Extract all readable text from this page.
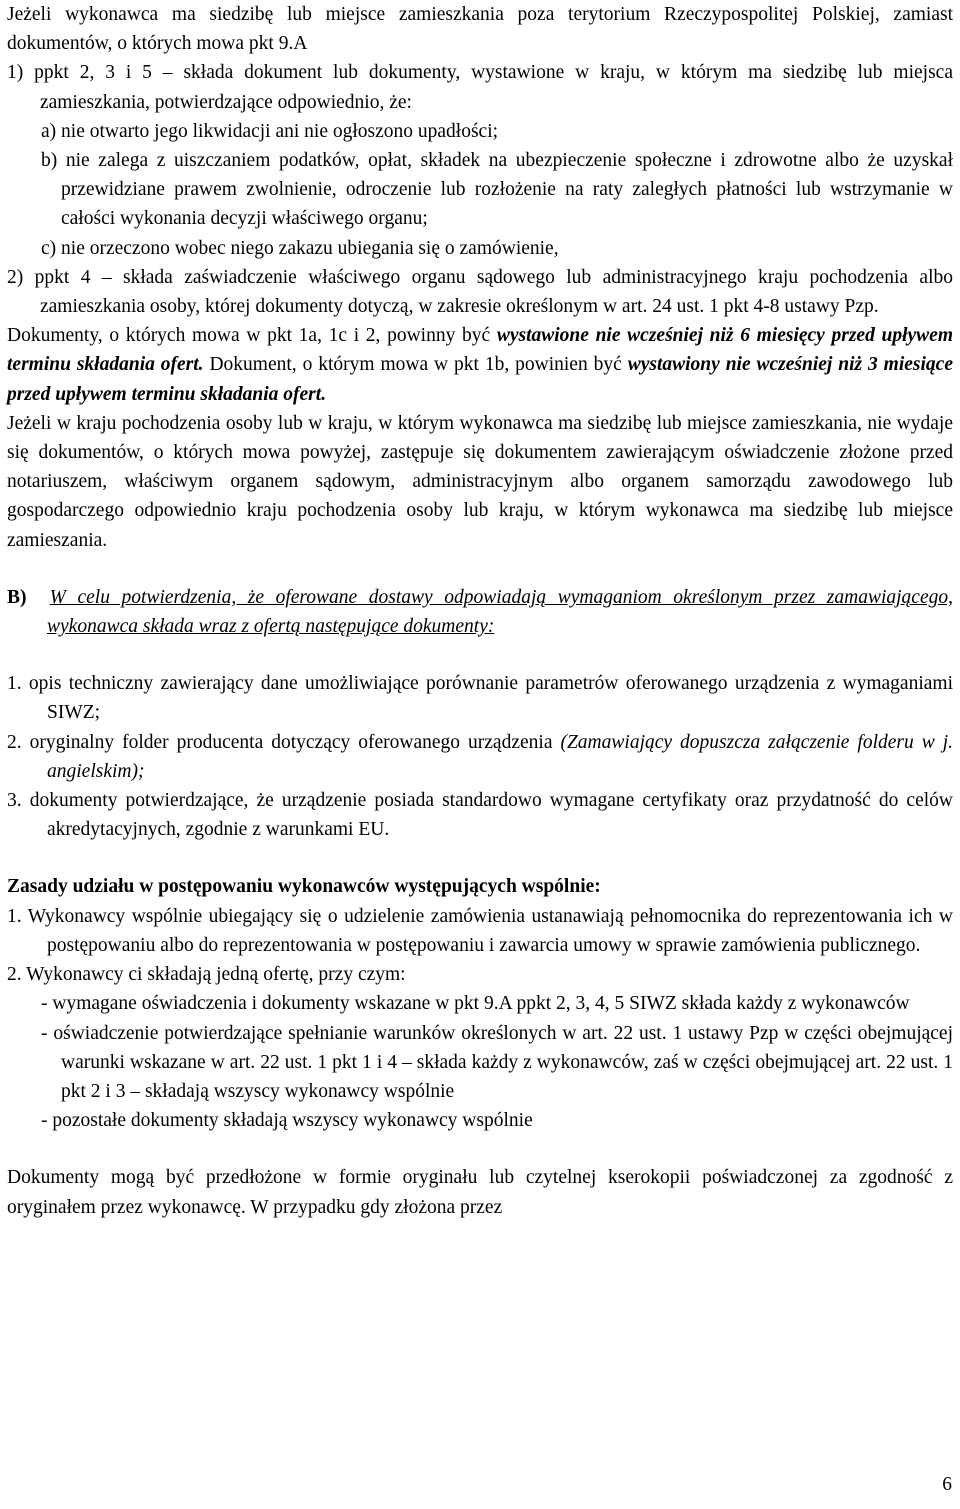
Jeżeli wykonawca ma siedzibę lub miejsce zamieszkania poza terytorium Rzeczypospolitej Polskiej, zamiast dokumentów, o których mowa pkt 9.A

1) ppkt 2, 3 i 5 – składa dokument lub dokumenty, wystawione w kraju, w którym ma siedzibę lub miejsca zamieszkania, potwierdzające odpowiednio, że:

a) nie otwarto jego likwidacji ani nie ogłoszono upadłości;

b) nie zalega z uiszczaniem podatków, opłat, składek na ubezpieczenie społeczne i zdrowotne albo że uzyskał przewidziane prawem zwolnienie, odroczenie lub rozłożenie na raty zaległych płatności lub wstrzymanie w całości wykonania decyzji właściwego organu;

c) nie orzeczono wobec niego zakazu ubiegania się o zamówienie,

2) ppkt 4 – składa zaświadczenie właściwego organu sądowego lub administracyjnego kraju pochodzenia albo zamieszkania osoby, której dokumenty dotyczą, w zakresie określonym w art. 24 ust. 1 pkt 4-8 ustawy Pzp.

Dokumenty, o których mowa w pkt 1a, 1c i 2, powinny być wystawione nie wcześniej niż 6 miesięcy przed upływem terminu składania ofert. Dokument, o którym mowa w pkt 1b, powinien być wystawiony nie wcześniej niż 3 miesiące przed upływem terminu składania ofert.

Jeżeli w kraju pochodzenia osoby lub w kraju, w którym wykonawca ma siedzibę lub miejsce zamieszkania, nie wydaje się dokumentów, o których mowa powyżej, zastępuje się dokumentem zawierającym oświadczenie złożone przed notariuszem, właściwym organem sądowym, administracyjnym albo organem samorządu zawodowego lub gospodarczego odpowiednio kraju pochodzenia osoby lub kraju, w którym wykonawca ma siedzibę lub miejsce zamieszania.

B) W celu potwierdzenia, że oferowane dostawy odpowiadają wymaganiom określonym przez zamawiającego, wykonawca składa wraz z ofertą następujące dokumenty:

1. opis techniczny zawierający dane umożliwiające porównanie parametrów oferowanego urządzenia z wymaganiami SIWZ;

2. oryginalny folder producenta dotyczący oferowanego urządzenia (Zamawiający dopuszcza załączenie folderu w j. angielskim);

3. dokumenty potwierdzające, że urządzenie posiada standardowo wymagane certyfikaty oraz przydatność do celów akredytacyjnych, zgodnie z warunkami EU.

Zasady udziału w postępowaniu wykonawców występujących wspólnie:

1. Wykonawcy wspólnie ubiegający się o udzielenie zamówienia ustanawiają pełnomocnika do reprezentowania ich w postępowaniu albo do reprezentowania w postępowaniu i zawarcia umowy w sprawie zamówienia publicznego.

2. Wykonawcy ci składają jedną ofertę, przy czym:

- wymagane oświadczenia i dokumenty wskazane w pkt 9.A ppkt 2, 3, 4, 5 SIWZ składa każdy z wykonawców

- oświadczenie potwierdzające spełnianie warunków określonych w art. 22 ust. 1 ustawy Pzp w części obejmującej warunki wskazane w art. 22 ust. 1 pkt 1 i 4 – składa każdy z wykonawców, zaś w części obejmującej art. 22 ust. 1 pkt 2 i 3 – składają wszyscy wykonawcy wspólnie

- pozostałe dokumenty składają wszyscy wykonawcy wspólnie

Dokumenty mogą być przedłożone w formie oryginału lub czytelnej kserokopii poświadczonej za zgodność z oryginałem przez wykonawcę. W przypadku gdy złożona przez

6
